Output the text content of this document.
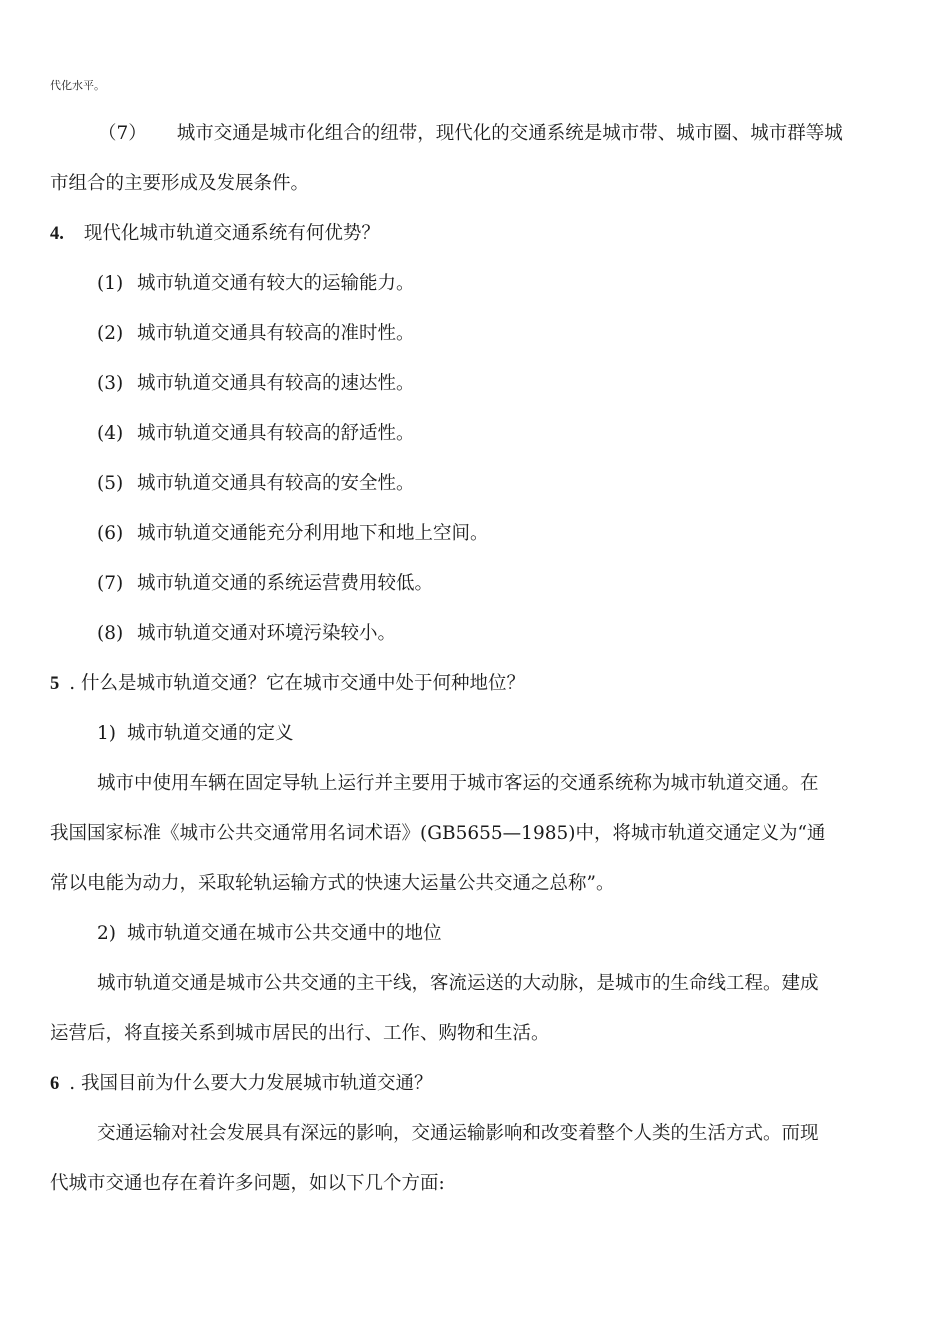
代化水平。
（7） 城市交通是城市化组合的纽带，现代化的交通系统是城市带、城市圈、城市群等城
市组合的主要形成及发展条件。
4. 现代化城市轨道交通系统有何优势？
(1) 城市轨道交通有较大的运输能力。
(2) 城市轨道交通具有较高的准时性。
(3) 城市轨道交通具有较高的速达性。
(4) 城市轨道交通具有较高的舒适性。
(5) 城市轨道交通具有较高的安全性。
(6) 城市轨道交通能充分利用地下和地上空间。
(7) 城市轨道交通的系统运营费用较低。
(8) 城市轨道交通对环境污染较小。
5 . 什么是城市轨道交通？它在城市交通中处于何种地位？
1) 城市轨道交通的定义
城市中使用车辆在固定导轨上运行并主要用于城市客运的交通系统称为城市轨道交通。在
我国国家标准《城市公共交通常用名词术语》(GB5655—1985)中，将城市轨道交通定义为“通
常以电能为动力，采取轮轨运输方式的快速大运量公共交通之总称”。
2) 城市轨道交通在城市公共交通中的地位
城市轨道交通是城市公共交通的主干线，客流运送的大动脉，是城市的生命线工程。建成
运营后，将直接关系到城市居民的出行、工作、购物和生活。
6 . 我国目前为什么要大力发展城市轨道交通？
交通运输对社会发展具有深远的影响，交通运输影响和改变着整个人类的生活方式。而现
代城市交通也存在着许多问题，如以下几个方面:
